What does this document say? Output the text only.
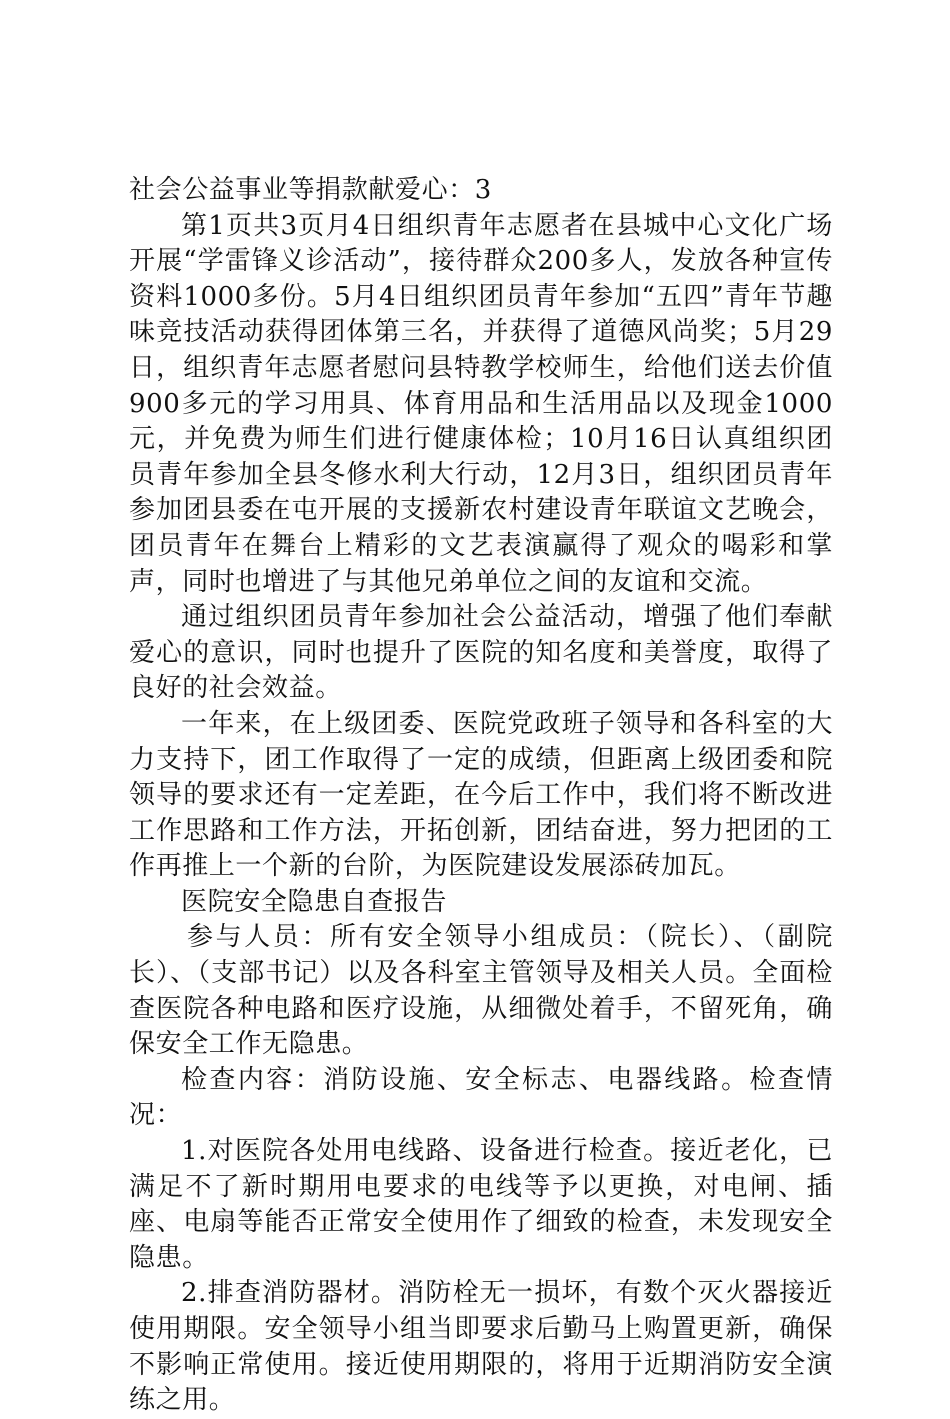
社会公益事业等捐款献爱心：3

第1页共3页月4日组织青年志愿者在县城中心文化广场开展“学雷锋义诊活动”，接待群众200多人，发放各种宣传资料1000多份。5月4日组织团员青年参加“五四”青年节趣味竞技活动获得团体第三名，并获得了道德风尚奖；5月29日，组织青年志愿者慰问县特教学校师生，给他们送去价值900多元的学习用具、体育用品和生活用品以及现金1000元，并免费为师生们进行健康体检；10月16日认真组织团员青年参加全县冬修水利大行动，12月3日，组织团员青年参加团县委在屯开展的支援新农村建设青年联谊文艺晚会，团员青年在舞台上精彩的文艺表演赢得了观众的喝彩和掌声，同时也增进了与其他兄弟单位之间的友谊和交流。

通过组织团员青年参加社会公益活动，增强了他们奉献爱心的意识，同时也提升了医院的知名度和美誉度，取得了良好的社会效益。

一年来，在上级团委、医院党政班子领导和各科室的大力支持下，团工作取得了一定的成绩，但距离上级团委和院领导的要求还有一定差距，在今后工作中，我们将不断改进工作思路和工作方法，开拓创新，团结奋进，努力把团的工作再推上一个新的台阶，为医院建设发展添砖加瓦。

医院安全隐患自查报告

参与人员：所有安全领导小组成员：（院长）、（副院长）、（支部书记）以及各科室主管领导及相关人员。全面检查医院各种电路和医疗设施，从细微处着手，不留死角，确保安全工作无隐患。

检查内容：消防设施、安全标志、电器线路。检查情况：

1.对医院各处用电线路、设备进行检查。接近老化，已满足不了新时期用电要求的电线等予以更换，对电闸、插座、电扇等能否正常安全使用作了细致的检查，未发现安全隐患。

2.排查消防器材。消防栓无一损坏，有数个灭火器接近使用期限。安全领导小组当即要求后勤马上购置更新，确保不影响正常使用。接近使用期限的，将用于近期消防安全演练之用。
